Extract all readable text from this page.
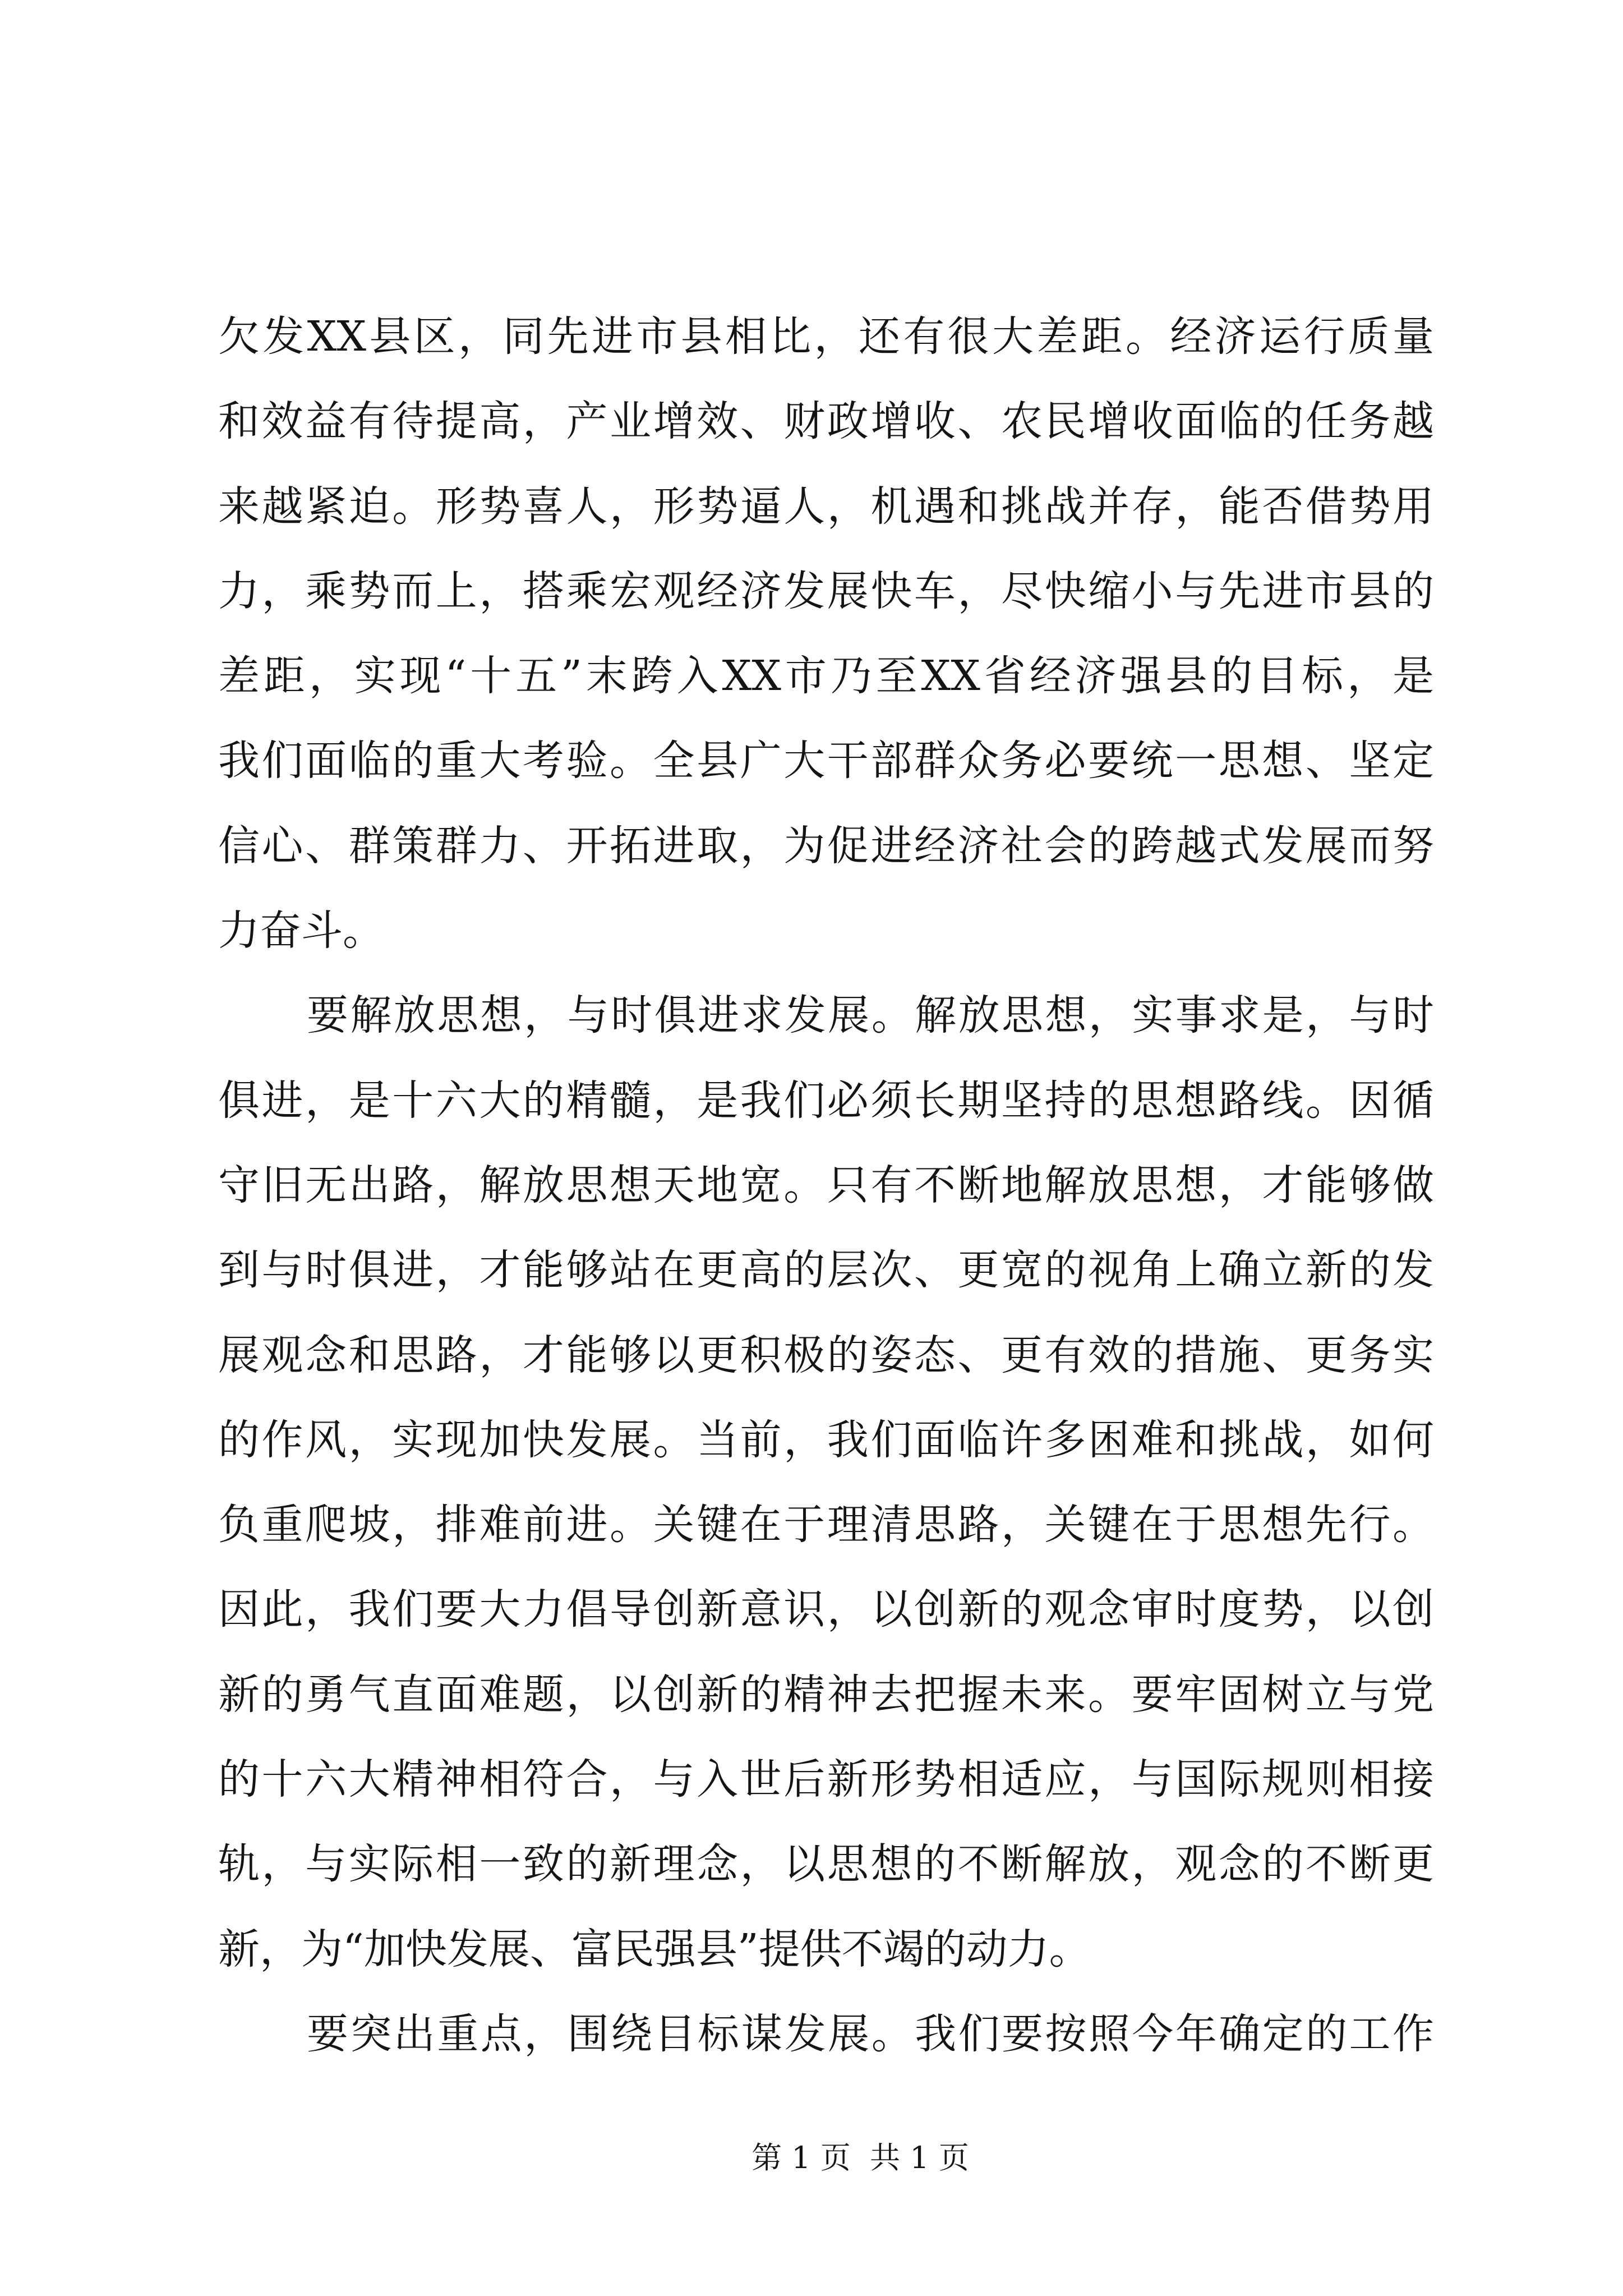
欠发XX县区，同先进市县相比，还有很大差距。经济运行质量
和效益有待提高，产业增效、财政增收、农民增收面临的任务越
来越紧迫。形势喜人，形势逼人，机遇和挑战并存，能否借势用
力，乘势而上，搭乘宏观经济发展快车，尽快缩小与先进市县的
差距，实现“十五”末跨入XX市乃至XX省经济强县的目标，是
我们面临的重大考验。全县广大干部群众务必要统一思想、坚定
信心、群策群力、开拓进取，为促进经济社会的跨越式发展而努
力奋斗。
要解放思想，与时俱进求发展。解放思想，实事求是，与时
俱进，是十六大的精髓，是我们必须长期坚持的思想路线。因循
守旧无出路，解放思想天地宽。只有不断地解放思想，才能够做
到与时俱进，才能够站在更高的层次、更宽的视角上确立新的发
展观念和思路，才能够以更积极的姿态、更有效的措施、更务实
的作风，实现加快发展。当前，我们面临许多困难和挑战，如何
负重爬坡，排难前进。关键在于理清思路，关键在于思想先行。
因此，我们要大力倡导创新意识，以创新的观念审时度势，以创
新的勇气直面难题，以创新的精神去把握未来。要牢固树立与党
的十六大精神相符合，与入世后新形势相适应，与国际规则相接
轨，与实际相一致的新理念，以思想的不断解放，观念的不断更
新，为“加快发展、富民强县”提供不竭的动力。
要突出重点，围绕目标谋发展。我们要按照今年确定的工作
第 1 页  共 1 页
